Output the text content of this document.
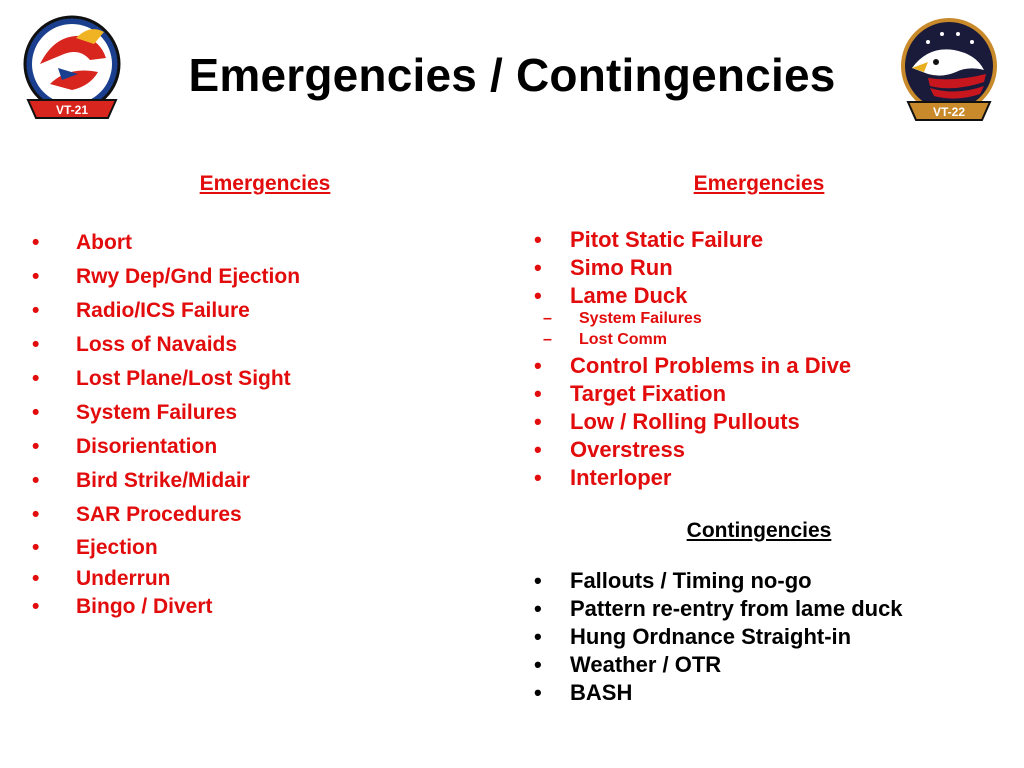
VT-21
Emergencies / Contingencies
VT-22
Emergencies
• Abort
• Rwy Dep/Gnd Ejection
• Radio/ICS Failure
• Loss of Navaids
• Lost Plane/Lost Sight
• System Failures
• Disorientation
• Bird Strike/Midair
• SAR Procedures
• Ejection
• Underrun
• Bingo / Divert
Emergencies
• Pitot Static Failure
• Simo Run
• Lame Duck
– System Failures
– Lost Comm
• Control Problems in a Dive
• Target Fixation
• Low / Rolling Pullouts
• Overstress
• Interloper
Contingencies
• Fallouts / Timing no-go
• Pattern re-entry from lame duck
• Hung Ordnance Straight-in
• Weather / OTR
• BASH
